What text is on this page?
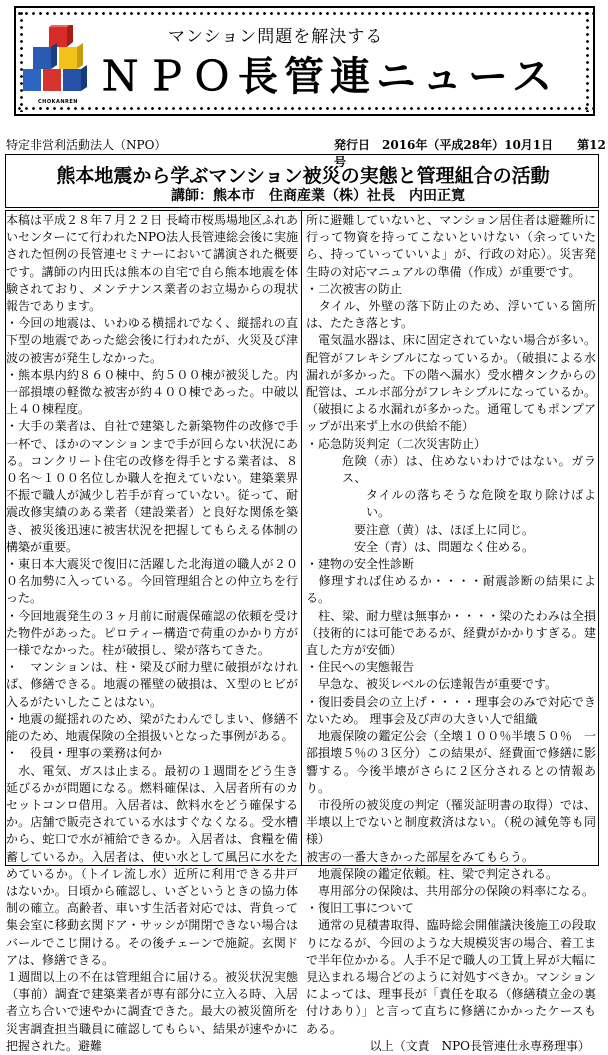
CHOKANREN
マンション問題を解決する
ＮＰＯ長管連ニュース
特定非営利活動法人（NPO）	発行日　2016年（平成28年）10月1日　　第12号
熊本地震から学ぶマンション被災の実態と管理組合の活動
講師：熊本市　住商産業（株）社長　内田正寛

本稿は平成２８年７月２２日 長崎市桜馬場地区ふれあいセンターにて行われたNPO法人長管連総会後に実施された恒例の長管連セミナーにおいて講演された概要です。講師の内田氏は熊本の自宅で自ら熊本地震を体験されており、メンテナンス業者のお立場からの現状報告であります。

・今回の地震は、いわゆる横揺れでなく、縦揺れの直下型の地震であった総会後に行われたが、火災及び津波の被害が発生しなかった。

・熊本県内約８６０棟中、約５００棟が被災した。内一部損壊の軽微な被害が約４００棟であった。中破以上４０棟程度。

・大手の業者は、自社で建築した新築物件の改修で手一杯で、ほかのマンションまで手が回らない状況にある。コンクリート住宅の改修を得手とする業者は、８０名～１００名位しか職人を抱えていない。建築業界不振で職人が減少し若手が育っていない。従って、耐震改修実績のある業者（建設業者）と良好な関係を築き、被災後迅速に被害状況を把握してもらえる体制の構築が重要。

・東日本大震災で復旧に活躍した北海道の職人が２００名加勢に入っている。今回管理組合との仲立ちを行った。

・今回地震発生の３ヶ月前に耐震保確認の依頼を受けた物件があった。ピロティー構造で荷重のかかり方が一様でなかった。柱が破損し、梁が落ちてきた。

・　マンションは、柱・梁及び耐力壁に破損がなければ、修繕できる。地震の罹壁の破損は、Ｘ型のヒビが入るがたいしたことはない。

・地震の縦揺れのため、梁がたわんでしまい、修繕不能のため、地震保険の全損扱いとなった事例がある。

・　役員・理事の業務は何か

　水、電気、ガスは止まる。最初の１週間をどう生き延びるかが問題になる。燃料確保は、入居者所有のカセットコンロ借用。入居者は、飲料水をどう確保するか。店舗で販売されている水はすぐなくなる。受水槽から、蛇口で水が補給できるか。入居者は、食糧を備蓄しているか。入居者は、使い水として風呂に水をためているか。（トイレ流し水）近所に利用できる井戸はないか。日頃から確認し、いざというときの協力体制の確立。高齢者、車いす生活者対応では、背負って集会室に移動玄関ドア・サッシが開閉できない場合はバールでこじ開ける。その後チェーンで施錠。玄関ドアは、修繕できる。

１週間以上の不在は管理組合に届ける。被災状況実態（事前）調査で建築業者が専有部分に立入る時、入居者立ち合いで速やかに調査できた。最大の被災箇所を災害調査担当職員に確認してもらい、結果が速やかに把握された。避難

所に避難していないと、マンション居住者は避難所に行って物資を持ってこないといけない（余っていたら、持っていっていいよ」が、行政の対応）。災害発生時の対応マニュアルの準備（作成）が重要です。

・二次被害の防止

　タイル、外壁の落下防止のため、浮いている箇所は、たたき落とす。

　電気温水器は、床に固定されていない場合が多い。配管がフレキシブルになっているか。（破損による水漏れが多かった。下の階へ漏水）受水槽タンクからの配管は、エルボ部分がフレキシブルになっているか。（破損による水漏れが多かった。通電してもポンプアップが出来ず上水の供給不能）

・応急防災判定（二次災害防止）

危険（赤）は、住めないわけではない。ガラス、

タイルの落ちそうな危険を取り除けばよい。

要注意（黄）は、ほぼ上に同じ。

安全（青）は、問題なく住める。

・建物の安全性診断

　修理すれば住めるか・・・・耐震診断の結果による。

　柱、梁、耐力壁は無事か・・・・梁のたわみは全損（技術的には可能であるが、経費がかかりすぎる。建直した方が安価）

・住民への実態報告

　早急な、被災レベルの伝達報告が重要です。

・復旧委員会の立上げ・・・・理事会のみで対応できないため。 理事会及び声の大きい人で組織

　地震保険の鑑定公会（全壊１００％半壊５０％　一部損壊５％の３区分）この結果が、経費面で修繕に影響する。今後半壊がさらに２区分されるとの情報あり。

　市役所の被災度の判定（罹災証明書の取得）では、半壊以上でないと制度救済はない。（税の減免等も同様）

被害の一番大きかった部屋をみてもらう。

　地震保険の鑑定依頼。柱、梁で判定される。

　専用部分の保険は、共用部分の保険の料率になる。

・復旧工事について

　通常の見積書取得、臨時総会開催議決後施工の段取りになるが、今回のような大規模災害の場合、着工まで半年位かかる。人手不足で職人の工賃上昇が大幅に見込まれる場合どのように対処すべきか。マンションによっては、理事長が「責任を取る（修繕積立金の裏付けあり）」と言って直ちに修繕にかかったケースもある。

以上（文責　NPO長管連仕永専務理事）
